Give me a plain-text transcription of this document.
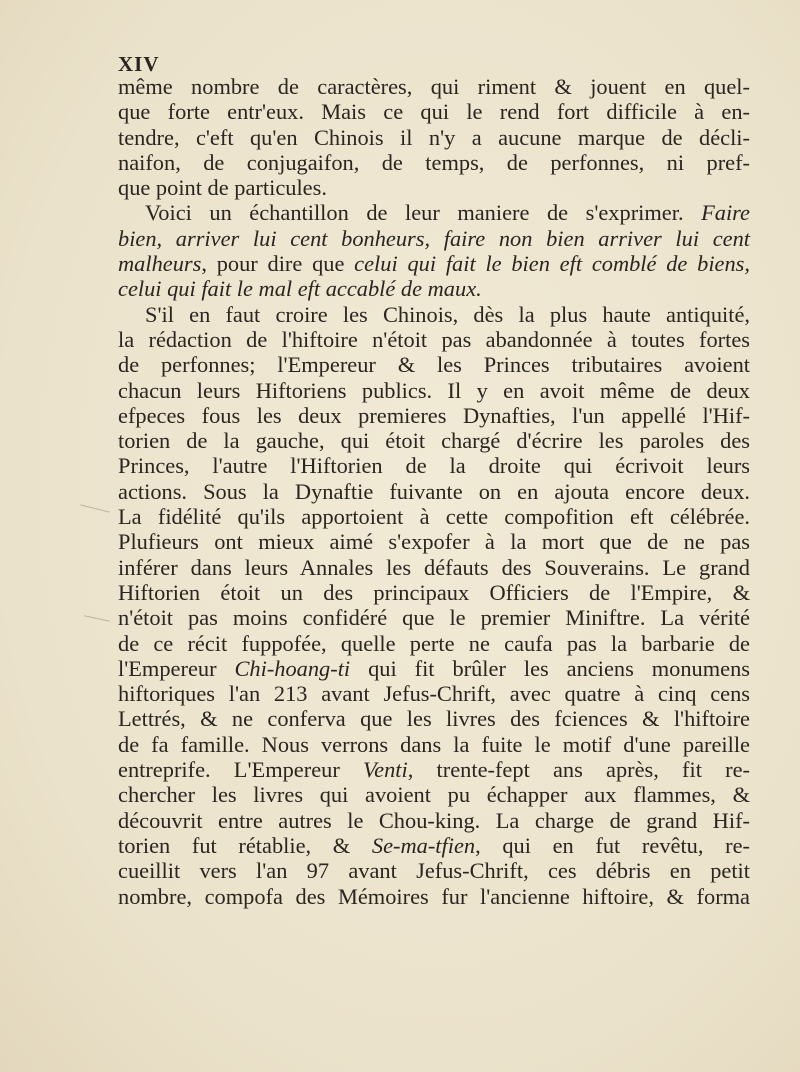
XIV
même nombre de caractères, qui riment & jouent en quel-
que forte entr'eux. Mais ce qui le rend fort difficile à en-
tendre, c'eft qu'en Chinois il n'y a aucune marque de décli-
naifon, de conjugaifon, de temps, de perfonnes, ni pref-
que point de particules.
Voici un échantillon de leur maniere de s'exprimer. Faire
bien, arriver lui cent bonheurs, faire non bien arriver lui cent
malheurs, pour dire que celui qui fait le bien eft comblé de biens,
celui qui fait le mal eft accablé de maux.
S'il en faut croire les Chinois, dès la plus haute antiquité,
la rédaction de l'hiftoire n'étoit pas abandonnée à toutes fortes
de perfonnes; l'Empereur & les Princes tributaires avoient
chacun leurs Hiftoriens publics. Il y en avoit même de deux
efpeces fous les deux premieres Dynafties, l'un appellé l'Hif-
torien de la gauche, qui étoit chargé d'écrire les paroles des
Princes, l'autre l'Hiftorien de la droite qui écrivoit leurs
actions. Sous la Dynaftie fuivante on en ajouta encore deux.
La fidélité qu'ils apportoient à cette compofition eft célébrée.
Plufieurs ont mieux aimé s'expofer à la mort que de ne pas
inférer dans leurs Annales les défauts des Souverains. Le grand
Hiftorien étoit un des principaux Officiers de l'Empire, &
n'étoit pas moins confidéré que le premier Miniftre. La vérité
de ce récit fuppofée, quelle perte ne caufa pas la barbarie de
l'Empereur Chi-hoang-ti qui fit brûler les anciens monumens
hiftoriques l'an 213 avant Jefus-Chrift, avec quatre à cinq cens
Lettrés, & ne conferva que les livres des fciences & l'hiftoire
de fa famille. Nous verrons dans la fuite le motif d'une pareille
entreprife. L'Empereur Venti, trente-fept ans après, fit re-
chercher les livres qui avoient pu échapper aux flammes, &
découvrit entre autres le Chou-king. La charge de grand Hif-
torien fut rétablie, & Se-ma-tfien, qui en fut revêtu, re-
cueillit vers l'an 97 avant Jefus-Chrift, ces débris en petit
nombre, compofa des Mémoires fur l'ancienne hiftoire, & forma
